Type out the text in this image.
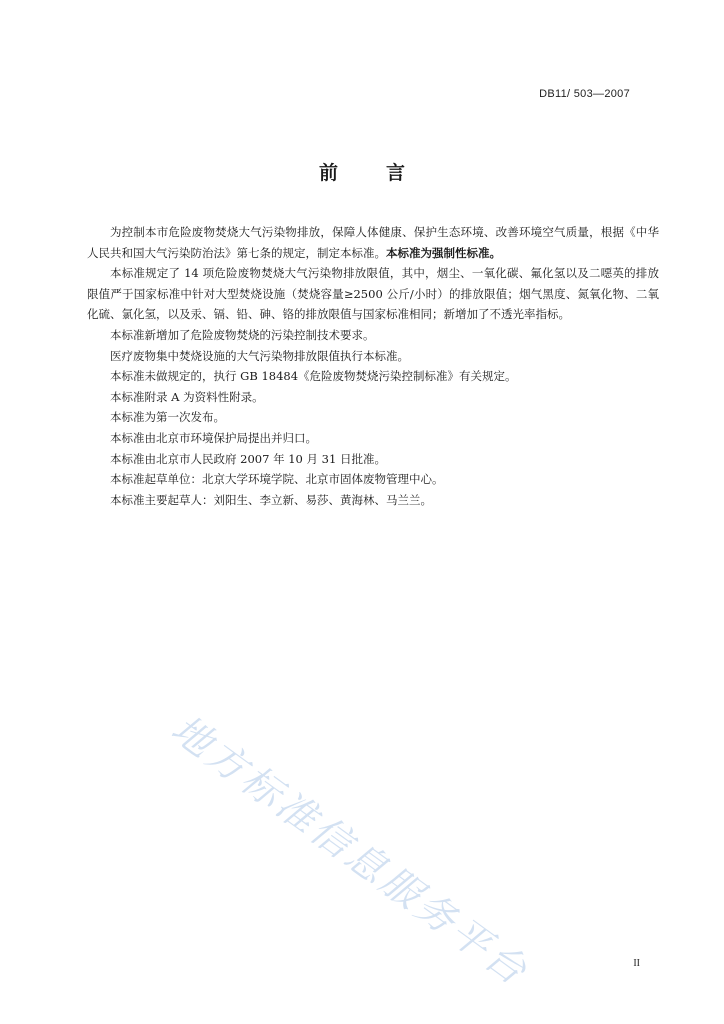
DB11/ 503—2007
前	言

为控制本市危险废物焚烧大气污染物排放，保障人体健康、保护生态环境、改善环境空气质量，根据《中华人民共和国大气污染防治法》第七条的规定，制定本标准。本标准为强制性标准。

本标准规定了 14 项危险废物焚烧大气污染物排放限值，其中，烟尘、一氧化碳、氟化氢以及二噁英的排放限值严于国家标准中针对大型焚烧设施（焚烧容量≥2500 公斤/小时）的排放限值；烟气黑度、氮氧化物、二氧化硫、氯化氢，以及汞、镉、铅、砷、铬的排放限值与国家标准相同；新增加了不透光率指标。

本标准新增加了危险废物焚烧的污染控制技术要求。

医疗废物集中焚烧设施的大气污染物排放限值执行本标准。

本标准未做规定的，执行 GB 18484《危险废物焚烧污染控制标准》有关规定。

本标准附录 A 为资料性附录。

本标准为第一次发布。

本标准由北京市环境保护局提出并归口。

本标准由北京市人民政府 2007 年 10 月 31 日批准。

本标准起草单位：北京大学环境学院、北京市固体废物管理中心。

本标准主要起草人：刘阳生、李立新、易莎、黄海林、马兰兰。

地方标准信息服务平台	II
